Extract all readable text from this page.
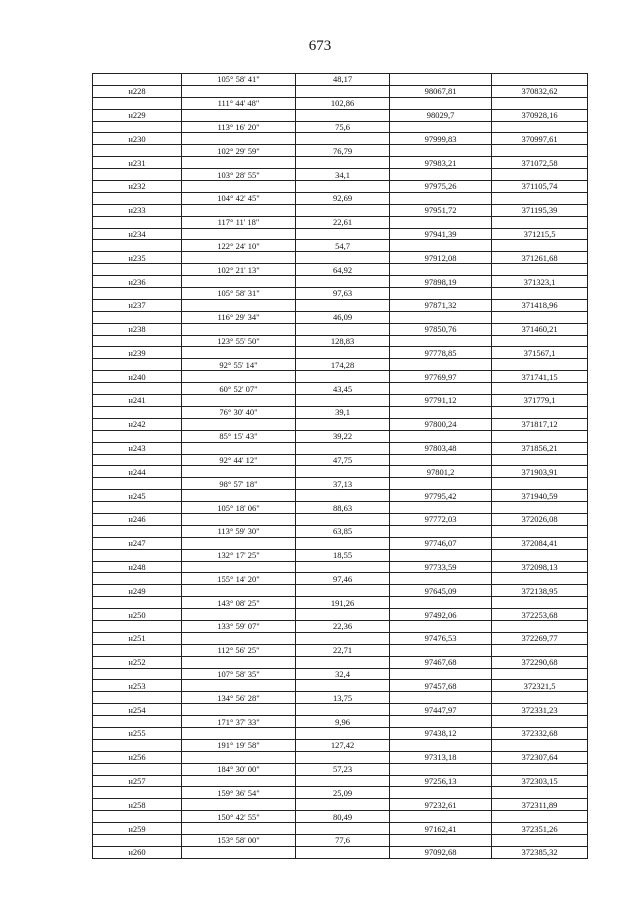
673
	105° 58' 41"	48,17		
н228			98067,81	370832,62
	111° 44' 48"	102,86		
н229			98029,7	370928,16
	113° 16' 20"	75,6		
н230			97999,83	370997,61
	102° 29' 59"	76,79		
н231			97983,21	371072,58
	103° 28' 55"	34,1		
н232			97975,26	371105,74
	104° 42' 45"	92,69		
н233			97951,72	371195,39
	117° 11' 18"	22,61		
н234			97941,39	371215,5
	122° 24' 10"	54,7		
н235			97912,08	371261,68
	102° 21' 13"	64,92		
н236			97898,19	371323,1
	105° 58' 31"	97,63		
н237			97871,32	371418,96
	116° 29' 34"	46,09		
н238			97850,76	371460,21
	123° 55' 50"	128,83		
н239			97778,85	371567,1
	92° 55' 14"	174,28		
н240			97769,97	371741,15
	60° 52' 07"	43,45		
н241			97791,12	371779,1
	76° 30' 40"	39,1		
н242			97800,24	371817,12
	85° 15' 43"	39,22		
н243			97803,48	371856,21
	92° 44' 12"	47,75		
н244			97801,2	371903,91
	98° 57' 18"	37,13		
н245			97795,42	371940,59
	105° 18' 06"	88,63		
н246			97772,03	372026,08
	113° 59' 30"	63,85		
н247			97746,07	372084,41
	132° 17' 25"	18,55		
н248			97733,59	372098,13
	155° 14' 20"	97,46		
н249			97645,09	372138,95
	143° 08' 25"	191,26		
н250			97492,06	372253,68
	133° 59' 07"	22,36		
н251			97476,53	372269,77
	112° 56' 25"	22,71		
н252			97467,68	372290,68
	107° 58' 35"	32,4		
н253			97457,68	372321,5
	134° 56' 28"	13,75		
н254			97447,97	372331,23
	171° 37' 33"	9,96		
н255			97438,12	372332,68
	191° 19' 58"	127,42		
н256			97313,18	372307,64
	184° 30' 00"	57,23		
н257			97256,13	372303,15
	159° 36' 54"	25,09		
н258			97232,61	372311,89
	150° 42' 55"	80,49		
н259			97162,41	372351,26
	153° 58' 00"	77,6		
н260			97092,68	372385,32
